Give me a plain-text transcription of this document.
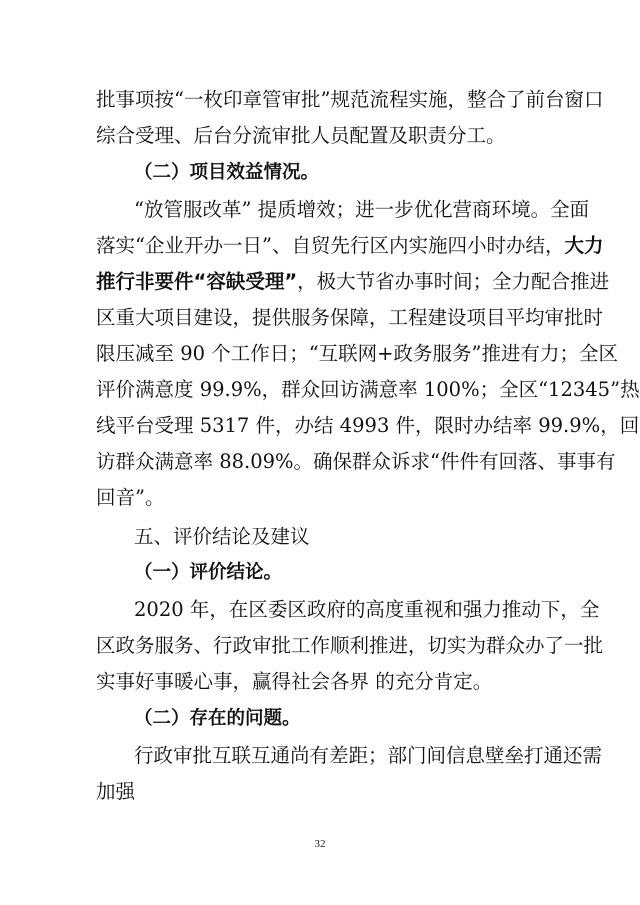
批事项按“一枚印章管审批”规范流程实施，整合了前台窗口
综合受理、后台分流审批人员配置及职责分工。
（二）项目效益情况。
“放管服改革” 提质增效；进一步优化营商环境。全面
落实“企业开办一日”、自贸先行区内实施四小时办结，大力
推行非要件“容缺受理”，极大节省办事时间；全力配合推进
区重大项目建设，提供服务保障，工程建设项目平均审批时
限压减至 90 个工作日；“互联网+政务服务”推进有力；全区
评价满意度 99.9%，群众回访满意率 100%；全区“12345”热
线平台受理 5317 件，办结 4993 件，限时办结率 99.9%，回
访群众满意率 88.09%。确保群众诉求“件件有回落、事事有
回音”。
五、评价结论及建议
（一）评价结论。
2020 年，在区委区政府的高度重视和强力推动下，全
区政务服务、行政审批工作顺利推进，切实为群众办了一批
实事好事暖心事，赢得社会各界 的充分肯定。
（二）存在的问题。
行政审批互联互通尚有差距；部门间信息壁垒打通还需
加强
32
